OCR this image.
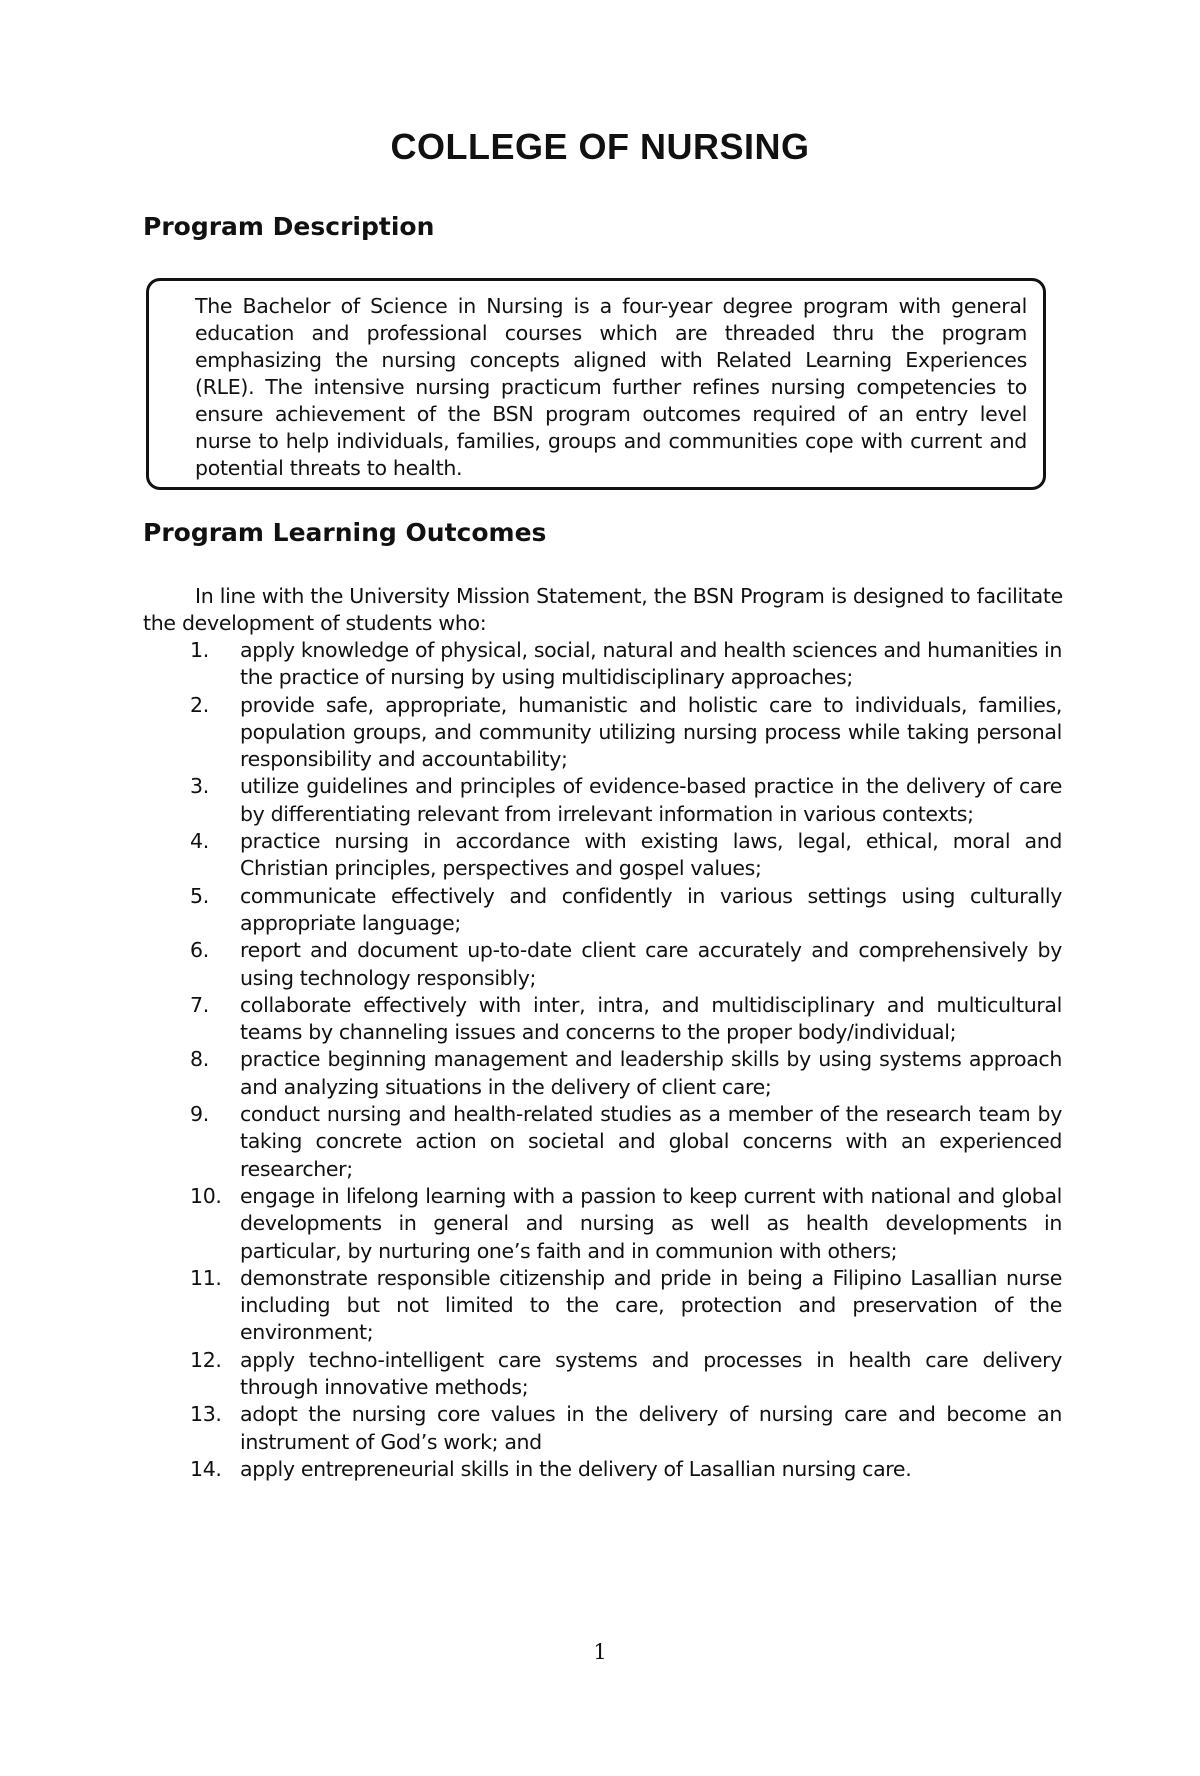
COLLEGE OF NURSING
Program Description

The Bachelor of Science in Nursing is a four-year degree program with general education and professional courses which are threaded thru the program emphasizing the nursing concepts aligned with Related Learning Experiences (RLE). The intensive nursing practicum further refines nursing competencies to ensure achievement of the BSN program outcomes required of an entry level nurse to help individuals, families, groups and communities cope with current and potential threats to health.

Program Learning Outcomes

In line with the University Mission Statement, the BSN Program is designed to facilitate the development of students who:

1. apply knowledge of physical, social, natural and health sciences and humanities in the practice of nursing by using multidisciplinary approaches;
2. provide safe, appropriate, humanistic and holistic care to individuals, families, population groups, and community utilizing nursing process while taking personal responsibility and accountability;
3. utilize guidelines and principles of evidence-based practice in the delivery of care by differentiating relevant from irrelevant information in various contexts;
4. practice nursing in accordance with existing laws, legal, ethical, moral and Christian principles, perspectives and gospel values;
5. communicate effectively and confidently in various settings using culturally appropriate language;
6. report and document up-to-date client care accurately and comprehensively by using technology responsibly;
7. collaborate effectively with inter, intra, and multidisciplinary and multicultural teams by channeling issues and concerns to the proper body/individual;
8. practice beginning management and leadership skills by using systems approach and analyzing situations in the delivery of client care;
9. conduct nursing and health-related studies as a member of the research team by taking concrete action on societal and global concerns with an experienced researcher;
10. engage in lifelong learning with a passion to keep current with national and global developments in general and nursing as well as health developments in particular, by nurturing one’s faith and in communion with others;
11. demonstrate responsible citizenship and pride in being a Filipino Lasallian nurse including but not limited to the care, protection and preservation of the environment;
12. apply techno-intelligent care systems and processes in health care delivery through innovative methods;
13. adopt the nursing core values in the delivery of nursing care and become an instrument of God’s work; and
14. apply entrepreneurial skills in the delivery of Lasallian nursing care.
1
